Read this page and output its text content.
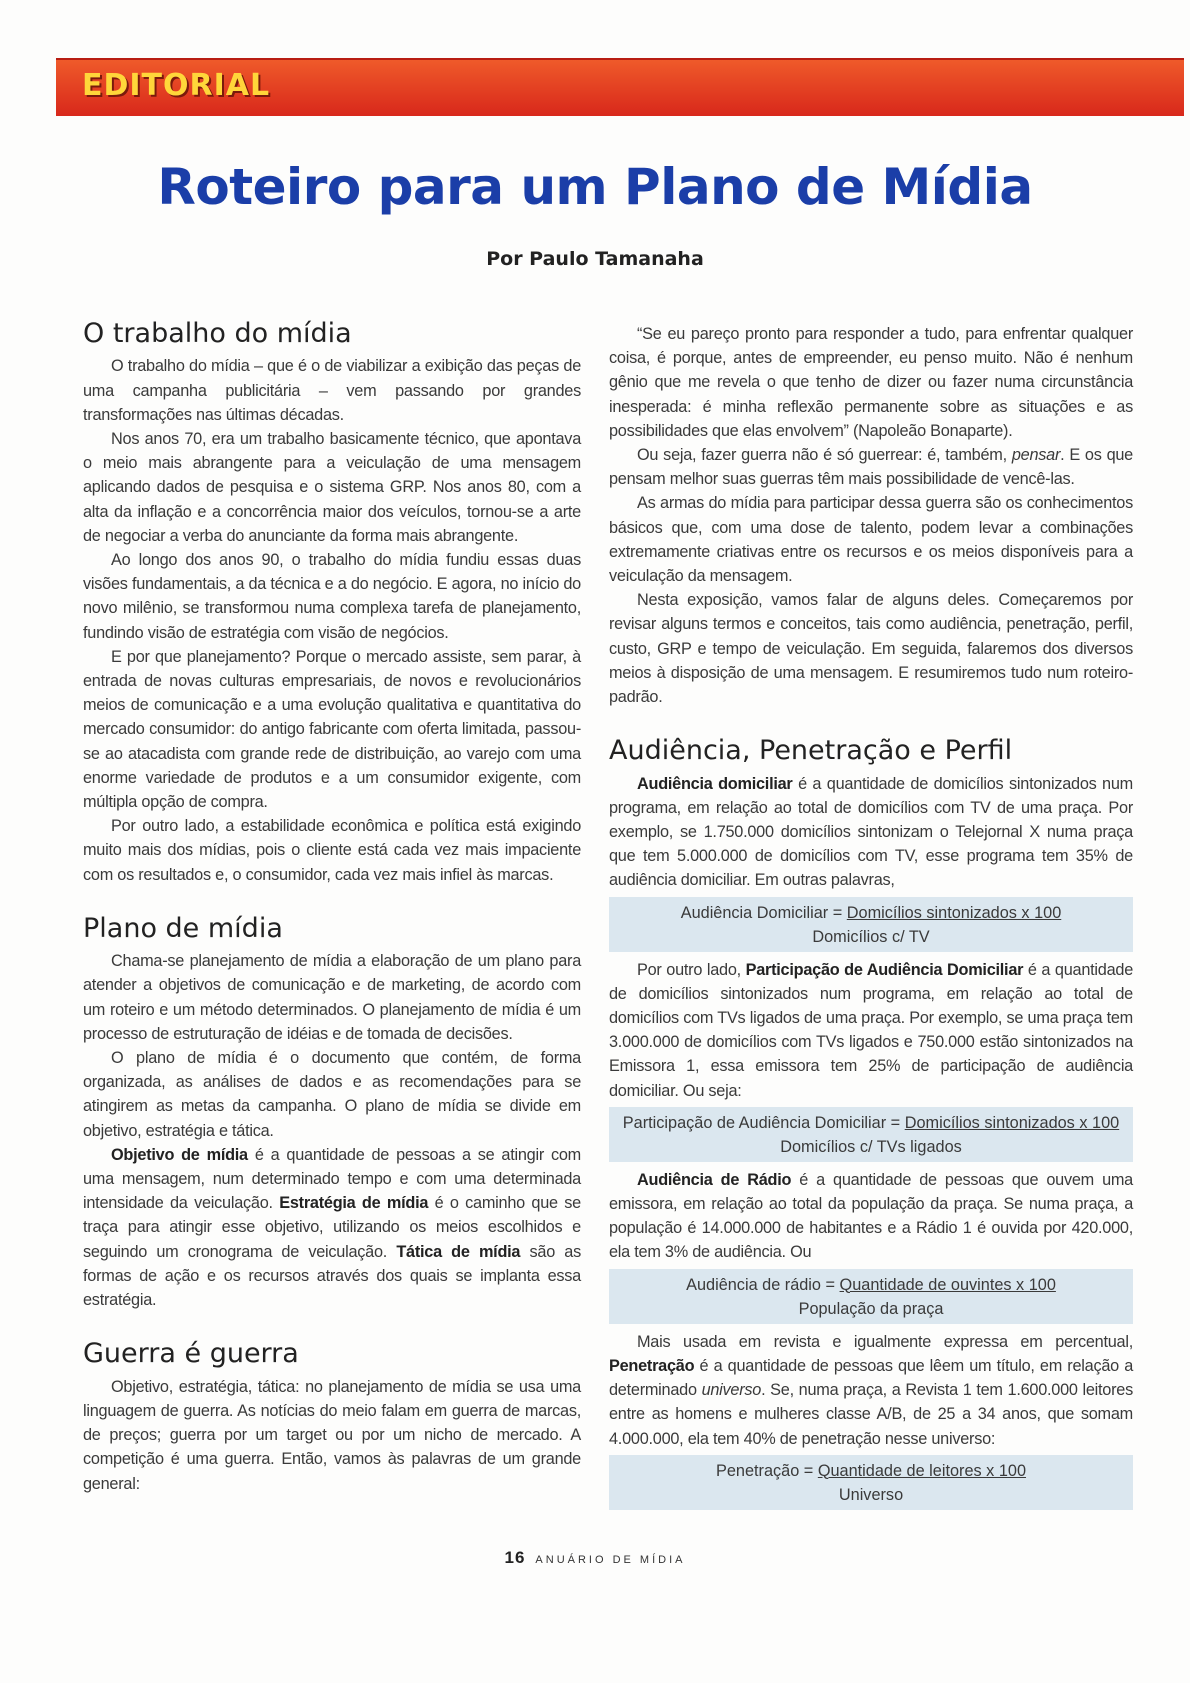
EDITORIAL
Roteiro para um Plano de Mídia
Por Paulo Tamanaha
O trabalho do mídia

O trabalho do mídia – que é o de viabilizar a exibição das peças de uma campanha publicitária – vem passando por grandes transformações nas últimas décadas.

Nos anos 70, era um trabalho basicamente técnico, que apontava o meio mais abrangente para a veiculação de uma mensagem aplicando dados de pesquisa e o sistema GRP. Nos anos 80, com a alta da inflação e a concorrência maior dos veículos, tornou-se a arte de negociar a verba do anunciante da forma mais abrangente.

Ao longo dos anos 90, o trabalho do mídia fundiu essas duas visões fundamentais, a da técnica e a do negócio. E agora, no início do novo milênio, se transformou numa complexa tarefa de planejamento, fundindo visão de estratégia com visão de negócios.

E por que planejamento? Porque o mercado assiste, sem parar, à entrada de novas culturas empresariais, de novos e revolucionários meios de comunicação e a uma evolução qualitativa e quantitativa do mercado consumidor: do antigo fabricante com oferta limitada, passou-se ao atacadista com grande rede de distribuição, ao varejo com uma enorme variedade de produtos e a um consumidor exigente, com múltipla opção de compra.

Por outro lado, a estabilidade econômica e política está exigindo muito mais dos mídias, pois o cliente está cada vez mais impaciente com os resultados e, o consumidor, cada vez mais infiel às marcas.

Plano de mídia

Chama-se planejamento de mídia a elaboração de um plano para atender a objetivos de comunicação e de marketing, de acordo com um roteiro e um método determinados. O planejamento de mídia é um processo de estruturação de idéias e de tomada de decisões.

O plano de mídia é o documento que contém, de forma organizada, as análises de dados e as recomendações para se atingirem as metas da campanha. O plano de mídia se divide em objetivo, estratégia e tática.

Objetivo de mídia é a quantidade de pessoas a se atingir com uma mensagem, num determinado tempo e com uma determinada intensidade da veiculação. Estratégia de mídia é o caminho que se traça para atingir esse objetivo, utilizando os meios escolhidos e seguindo um cronograma de veiculação. Tática de mídia são as formas de ação e os recursos através dos quais se implanta essa estratégia.

Guerra é guerra

Objetivo, estratégia, tática: no planejamento de mídia se usa uma linguagem de guerra. As notícias do meio falam em guerra de marcas, de preços; guerra por um target ou por um nicho de mercado. A competição é uma guerra. Então, vamos às palavras de um grande general:

“Se eu pareço pronto para responder a tudo, para enfrentar qualquer coisa, é porque, antes de empreender, eu penso muito. Não é nenhum gênio que me revela o que tenho de dizer ou fazer numa circunstância inesperada: é minha reflexão permanente sobre as situações e as possibilidades que elas envolvem” (Napoleão Bonaparte).

Ou seja, fazer guerra não é só guerrear: é, também, pensar. E os que pensam melhor suas guerras têm mais possibilidade de vencê-las.

As armas do mídia para participar dessa guerra são os conhecimentos básicos que, com uma dose de talento, podem levar a combinações extremamente criativas entre os recursos e os meios disponíveis para a veiculação da mensagem.

Nesta exposição, vamos falar de alguns deles. Começaremos por revisar alguns termos e conceitos, tais como audiência, penetração, perfil, custo, GRP e tempo de veiculação. Em seguida, falaremos dos diversos meios à disposição de uma mensagem. E resumiremos tudo num roteiro-padrão.

Audiência, Penetração e Perfil

Audiência domiciliar é a quantidade de domicílios sintonizados num programa, em relação ao total de domicílios com TV de uma praça. Por exemplo, se 1.750.000 domicílios sintonizam o Telejornal X numa praça que tem 5.000.000 de domicílios com TV, esse programa tem 35% de audiência domiciliar. Em outras palavras,

Audiência Domiciliar = Domicílios sintonizados x 100
Domicílios c/ TV

Por outro lado, Participação de Audiência Domiciliar é a quantidade de domicílios sintonizados num programa, em relação ao total de domicílios com TVs ligados de uma praça. Por exemplo, se uma praça tem 3.000.000 de domicílios com TVs ligados e 750.000 estão sintonizados na Emissora 1, essa emissora tem 25% de participação de audiência domiciliar. Ou seja:

Participação de Audiência Domiciliar = Domicílios sintonizados x 100
Domicílios c/ TVs ligados

Audiência de Rádio é a quantidade de pessoas que ouvem uma emissora, em relação ao total da população da praça. Se numa praça, a população é 14.000.000 de habitantes e a Rádio 1 é ouvida por 420.000, ela tem 3% de audiência. Ou

Audiência de rádio = Quantidade de ouvintes x 100
População da praça

Mais usada em revista e igualmente expressa em percentual, Penetração é a quantidade de pessoas que lêem um título, em relação a determinado universo. Se, numa praça, a Revista 1 tem 1.600.000 leitores entre as homens e mulheres classe A/B, de 25 a 34 anos, que somam 4.000.000, ela tem 40% de penetração nesse universo:

Penetração = Quantidade de leitores x 100
Universo
16 ANUÁRIO DE MÍDIA
